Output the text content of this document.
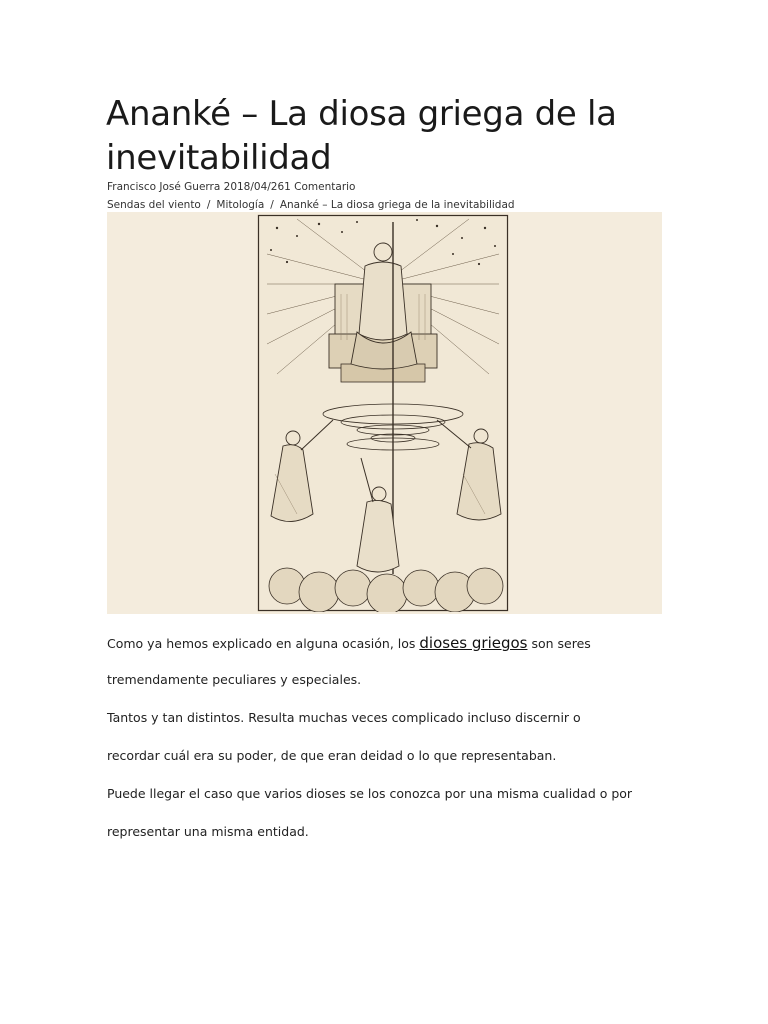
Ananké – La diosa griega de la inevitabilidad
Francisco José Guerra 2018/04/261 Comentario
Sendas del viento / Mitología / Ananké – La diosa griega de la inevitabilidad

Como ya hemos explicado en alguna ocasión, los dioses griegos son seres

tremendamente peculiares y especiales.

Tantos y tan distintos. Resulta muchas veces complicado incluso discernir o

recordar cuál era su poder, de que eran deidad o lo que representaban.

Puede llegar el caso que varios dioses se los conozca por una misma cualidad o por

representar una misma entidad.
